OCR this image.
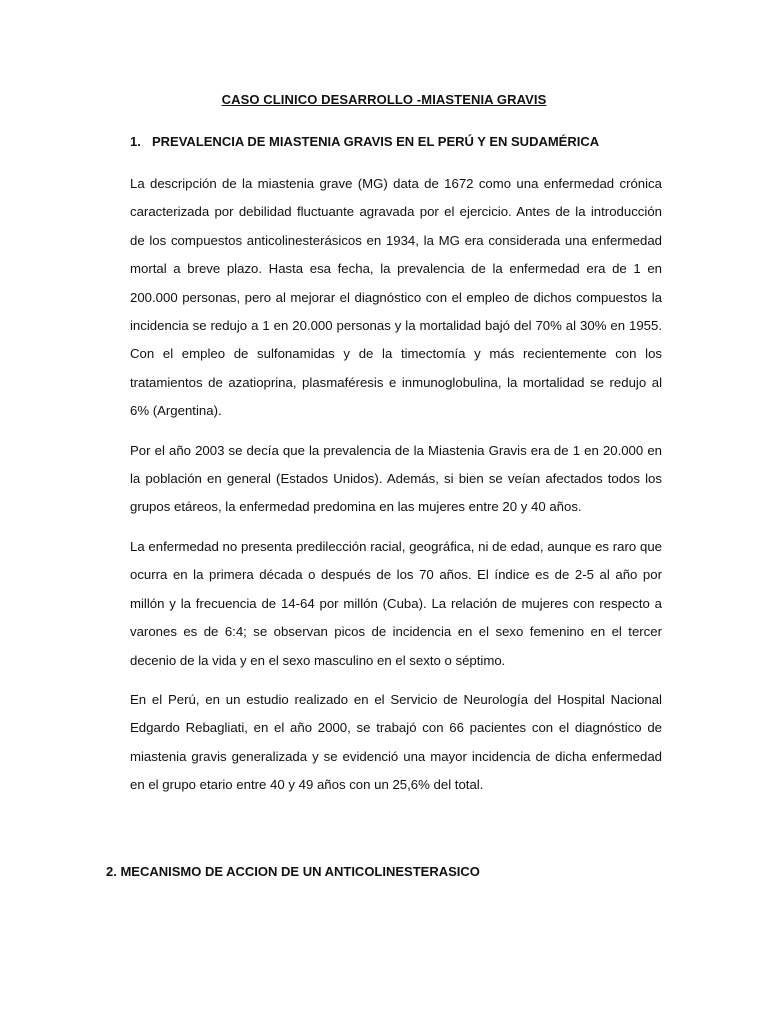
CASO CLINICO DESARROLLO -MIASTENIA GRAVIS
1. PREVALENCIA DE MIASTENIA GRAVIS EN EL PERÚ Y EN SUDAMÉRICA

La descripción de la miastenia grave (MG) data de 1672 como una enfermedad crónica caracterizada por debilidad fluctuante agravada por el ejercicio. Antes de la introducción de los compuestos anticolinesterásicos en 1934, la MG era considerada una enfermedad mortal a breve plazo. Hasta esa fecha, la prevalencia de la enfermedad era de 1 en 200.000 personas, pero al mejorar el diagnóstico con el empleo de dichos compuestos la incidencia se redujo a 1 en 20.000 personas y la mortalidad bajó del 70% al 30% en 1955. Con el empleo de sulfonamidas y de la timectomía y más recientemente con los tratamientos de azatioprina, plasmaféresis e inmunoglobulina, la mortalidad se redujo al 6% (Argentina).

Por el año 2003 se decía que la prevalencia de la Miastenia Gravis era de 1 en 20.000 en la población en general (Estados Unidos). Además, si bien se veían afectados todos los grupos etáreos, la enfermedad predomina en las mujeres entre 20 y 40 años.

La enfermedad no presenta predilección racial, geográfica, ni de edad, aunque es raro que ocurra en la primera década o después de los 70 años. El índice es de 2-5 al año por millón y la frecuencia de 14-64 por millón (Cuba). La relación de mujeres con respecto a varones es de 6:4; se observan picos de incidencia en el sexo femenino en el tercer decenio de la vida y en el sexo masculino en el sexto o séptimo.

En el Perú, en un estudio realizado en el Servicio de Neurología del Hospital Nacional Edgardo Rebagliati, en el año 2000, se trabajó con 66 pacientes con el diagnóstico de miastenia gravis generalizada y se evidenció una mayor incidencia de dicha enfermedad en el grupo etario entre 40 y 49 años con un 25,6% del total.

2. MECANISMO DE ACCION DE UN ANTICOLINESTERASICO
